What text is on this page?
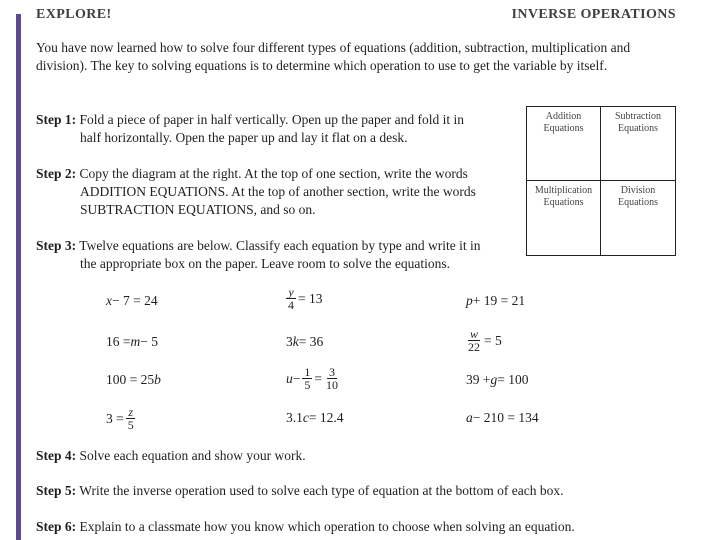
EXPLORE!	INVERSE OPERATIONS
You have now learned how to solve four different types of equations (addition, subtraction, multiplication and division). The key to solving equations is to determine which operation to use to get the variable by itself.
Step 1: Fold a piece of paper in half vertically. Open up the paper and fold it in
half horizontally. Open the paper up and lay it flat on a desk.
Step 2: Copy the diagram at the right. At the top of one section, write the words
ADDITION EQUATIONS. At the top of another section, write the words
SUBTRACTION EQUATIONS, and so on.
Step 3: Twelve equations are below. Classify each equation by type and write it in
the appropriate box on the paper. Leave room to solve the equations.
Addition
Equations
Subtraction
Equations
Multiplication
Equations
Division
Equations
x − 7 = 24	$\frac{y}{4} = 13$	p + 19 = 21
16 = m − 5	3 k = 36	$\frac{w}{22} = 5$
100 = 25 b	$u - \frac{1}{5} = \frac{3}{10}$	39 + g = 100
$3 = \frac{z}{5}$	3.1 c = 12.4	a − 210 = 134
Step 4: Solve each equation and show your work.
Step 5: Write the inverse operation used to solve each type of equation at the bottom of each box.
Step 6: Explain to a classmate how you know which operation to choose when solving an equation.
